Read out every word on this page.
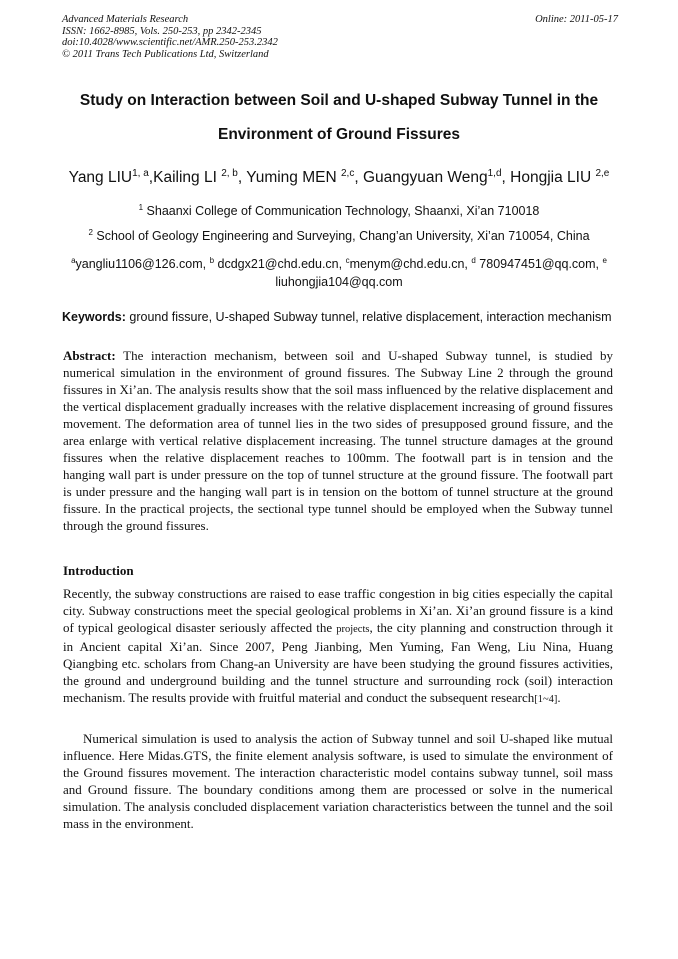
Advanced Materials Research	Online: 2011-05-17
ISSN: 1662-8985, Vols. 250-253, pp 2342-2345
doi:10.4028/www.scientific.net/AMR.250-253.2342
© 2011 Trans Tech Publications Ltd, Switzerland
Study on Interaction between Soil and U-shaped Subway Tunnel in the
Environment of Ground Fissures
Yang LIU$^{1, a}$,Kailing LI $^{2, b}$, Yuming MEN $^{2,c}$, Guangyuan Weng$^{1,d}$, Hongjia LIU $^{2,e}$
$^1$ Shaanxi College of Communication Technology, Shaanxi, Xi’an 710018
$^2$ School of Geology Engineering and Surveying, Chang’an University, Xi’an 710054, China
$^a$yangliu1106@126.com, $^b$ dcdgx21@chd.edu.cn, $^c$menym@chd.edu.cn, $^d$ 780947451@qq.com, $^e$
liuhongjia104@qq.com
Keywords: ground fissure, U-shaped Subway tunnel, relative displacement, interaction mechanism

Abstract: The interaction mechanism, between soil and U-shaped Subway tunnel, is studied by numerical simulation in the environment of ground fissures. The Subway Line 2 through the ground fissures in Xi’an. The analysis results show that the soil mass influenced by the relative displacement and the vertical displacement gradually increases with the relative displacement increasing of ground fissures movement. The deformation area of tunnel lies in the two sides of presupposed ground fissure, and the area enlarge with vertical relative displacement increasing. The tunnel structure damages at the ground fissures when the relative displacement reaches to 100mm. The footwall part is in tension and the hanging wall part is under pressure on the top of tunnel structure at the ground fissure. The footwall part is under pressure and the hanging wall part is in tension on the bottom of tunnel structure at the ground fissure. In the practical projects, the sectional type tunnel should be employed when the Subway tunnel through the ground fissures.

Introduction

Recently, the subway constructions are raised to ease traffic congestion in big cities especially the capital city. Subway constructions meet the special geological problems in Xi’an. Xi’an ground fissure is a kind of typical geological disaster seriously affected the projects, the city planning and construction through it in Ancient capital Xi’an. Since 2007, Peng Jianbing, Men Yuming, Fan Weng, Liu Nina, Huang Qiangbing etc. scholars from Chang-an University are have been studying the ground fissures activities, the ground and underground building and the tunnel structure and surrounding rock (soil) interaction mechanism. The results provide with fruitful material and conduct the subsequent research[1~4].

Numerical simulation is used to analysis the action of Subway tunnel and soil U-shaped like mutual influence. Here Midas.GTS, the finite element analysis software, is used to simulate the environment of the Ground fissures movement. The interaction characteristic model contains subway tunnel, soil mass and Ground fissure. The boundary conditions among them are processed or solve in the numerical simulation. The analysis concluded displacement variation characteristics between the tunnel and the soil mass in the environment.
